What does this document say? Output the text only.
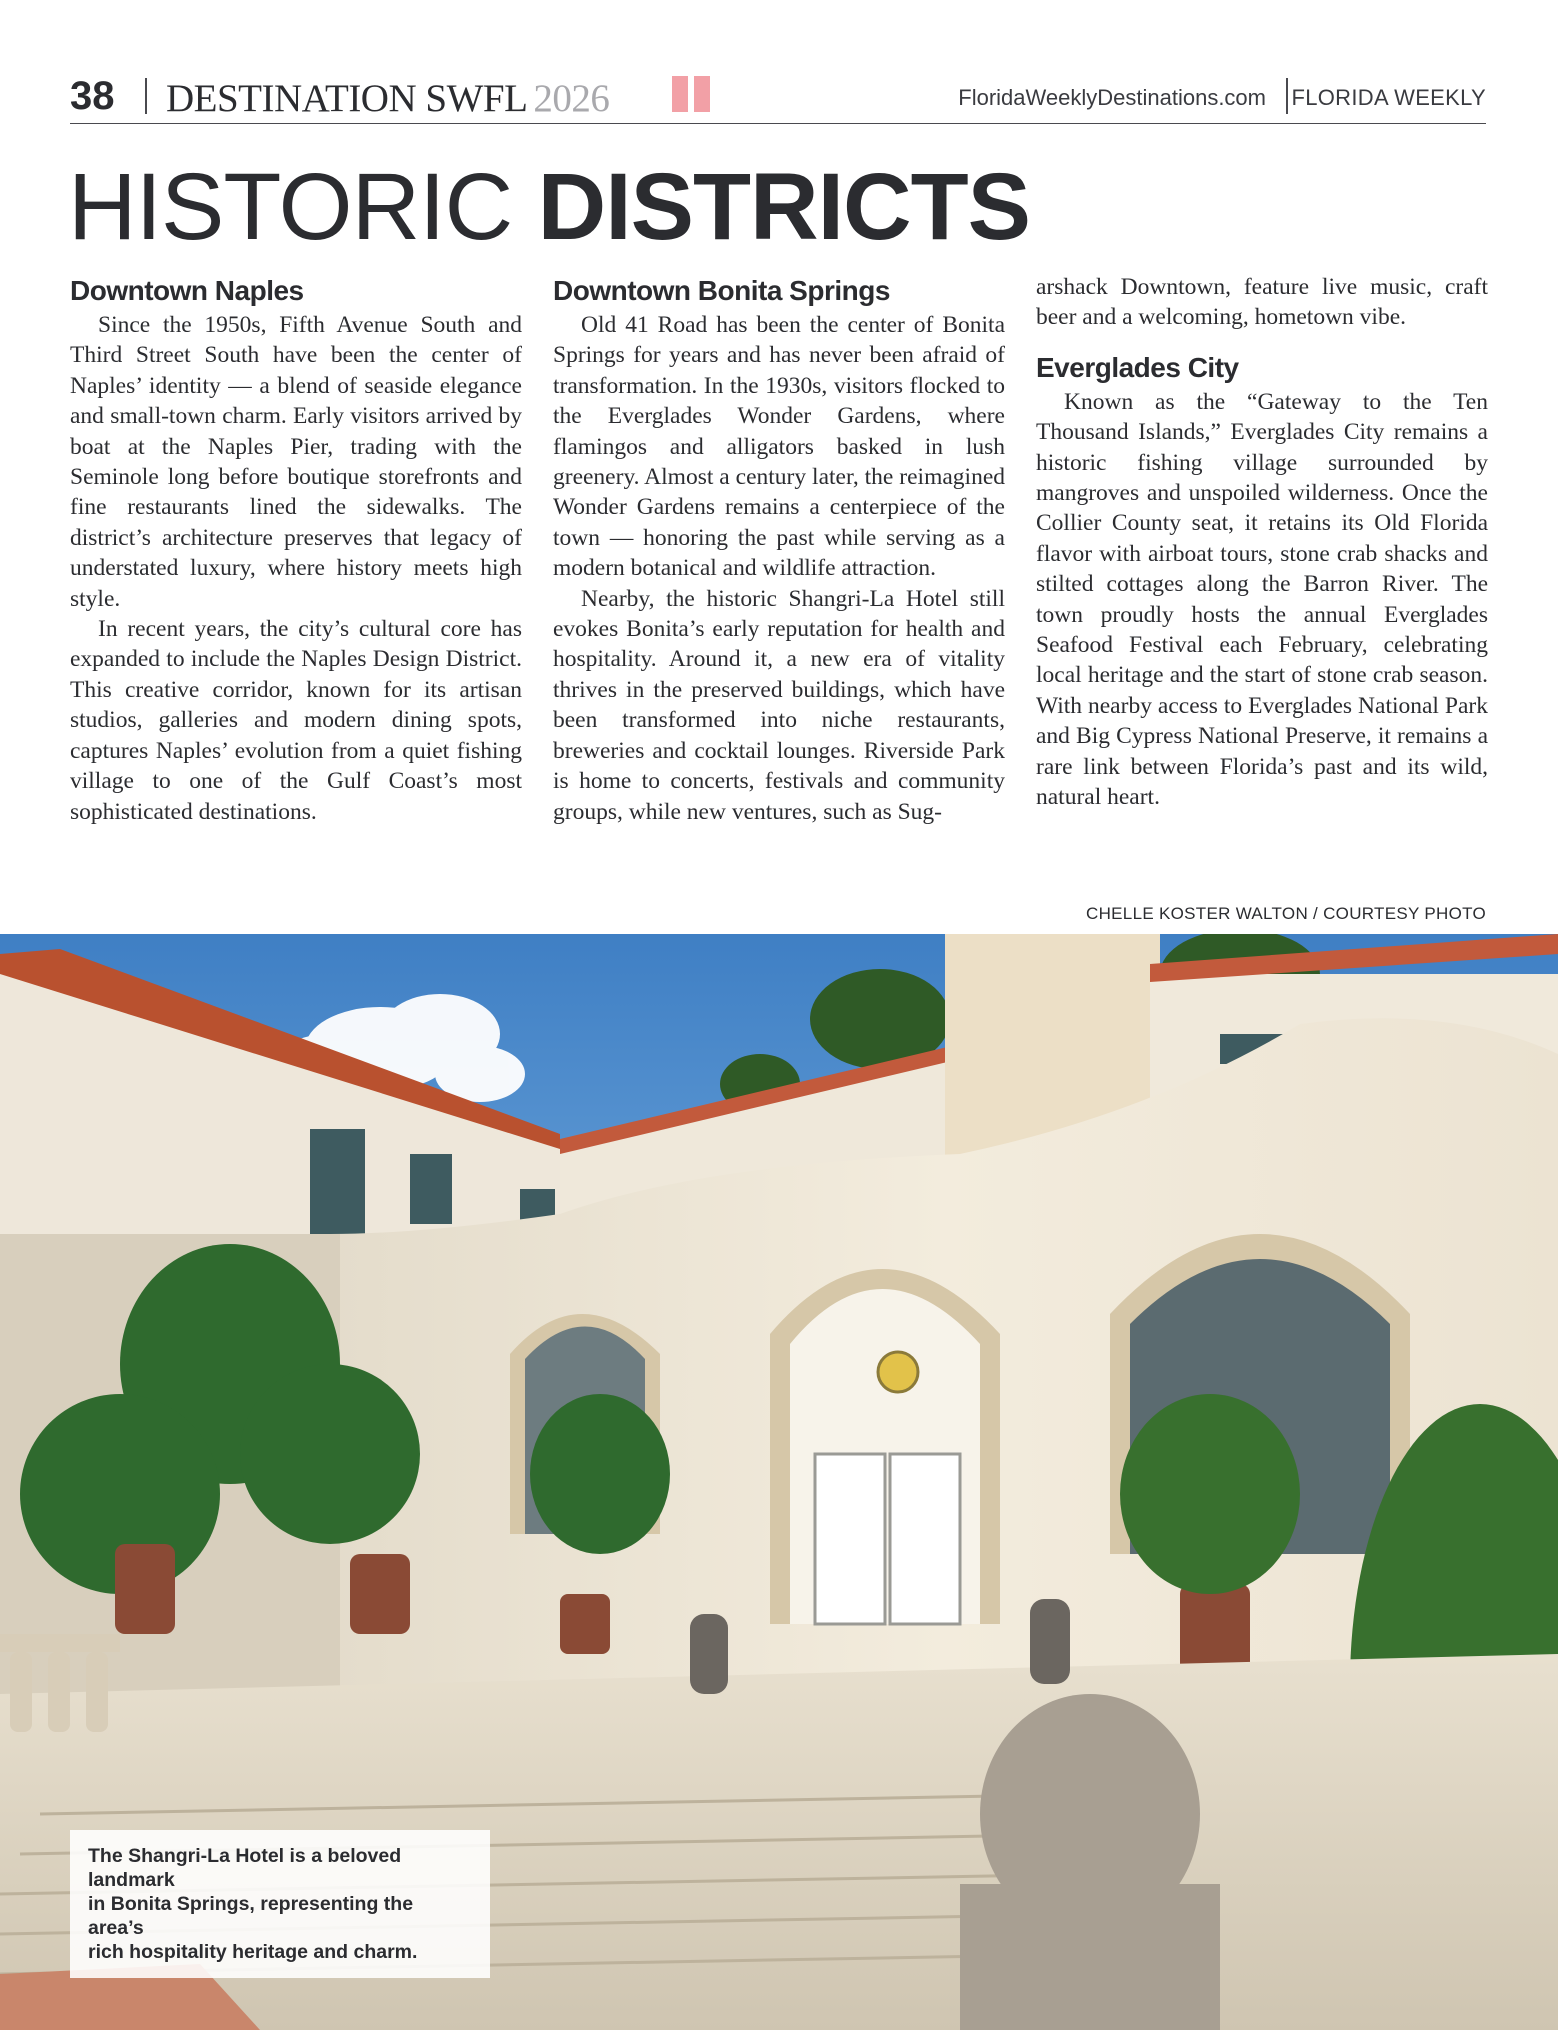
38 DESTINATION SWFL 2026	FloridaWeeklyDestinations.com FLORIDA WEEKLY
HISTORIC DISTRICTS
Downtown Naples

Since the 1950s, Fifth Avenue South and Third Street South have been the center of Naples’ identity — a blend of seaside elegance and small-town charm. Early visitors arrived by boat at the Naples Pier, trading with the Seminole long before boutique storefronts and fine restaurants lined the sidewalks. The district’s architecture preserves that legacy of understated luxury, where history meets high style.

In recent years, the city’s cultural core has expanded to include the Naples Design District. This creative corridor, known for its artisan studios, galleries and modern dining spots, captures Naples’ evolution from a quiet fishing village to one of the Gulf Coast’s most sophisticated destinations.

Downtown Bonita Springs

Old 41 Road has been the center of Bonita Springs for years and has never been afraid of transformation. In the 1930s, visitors flocked to the Everglades Wonder Gardens, where flamingos and alligators basked in lush greenery. Almost a century later, the reimagined Wonder Gardens remains a centerpiece of the town — honoring the past while serving as a modern botanical and wildlife attraction.

Nearby, the historic Shangri-La Hotel still evokes Bonita’s early reputation for health and hospitality. Around it, a new era of vitality thrives in the preserved buildings, which have been transformed into niche restaurants, breweries and cocktail lounges. Riverside Park is home to concerts, festivals and community groups, while new ventures, such as Sug-

arshack Downtown, feature live music, craft beer and a welcoming, hometown vibe.

Everglades City

Known as the “Gateway to the Ten Thousand Islands,” Everglades City remains a historic fishing village surrounded by mangroves and unspoiled wilderness. Once the Collier County seat, it retains its Old Florida flavor with airboat tours, stone crab shacks and stilted cottages along the Barron River. The town proudly hosts the annual Everglades Seafood Festival each February, celebrating local heritage and the start of stone crab season. With nearby access to Everglades National Park and Big Cypress National Preserve, it remains a rare link between Florida’s past and its wild, natural heart.

CHELLE KOSTER WALTON / COURTESY PHOTO
The Shangri-La Hotel is a beloved landmark
in Bonita Springs, representing the area’s
rich hospitality heritage and charm.
